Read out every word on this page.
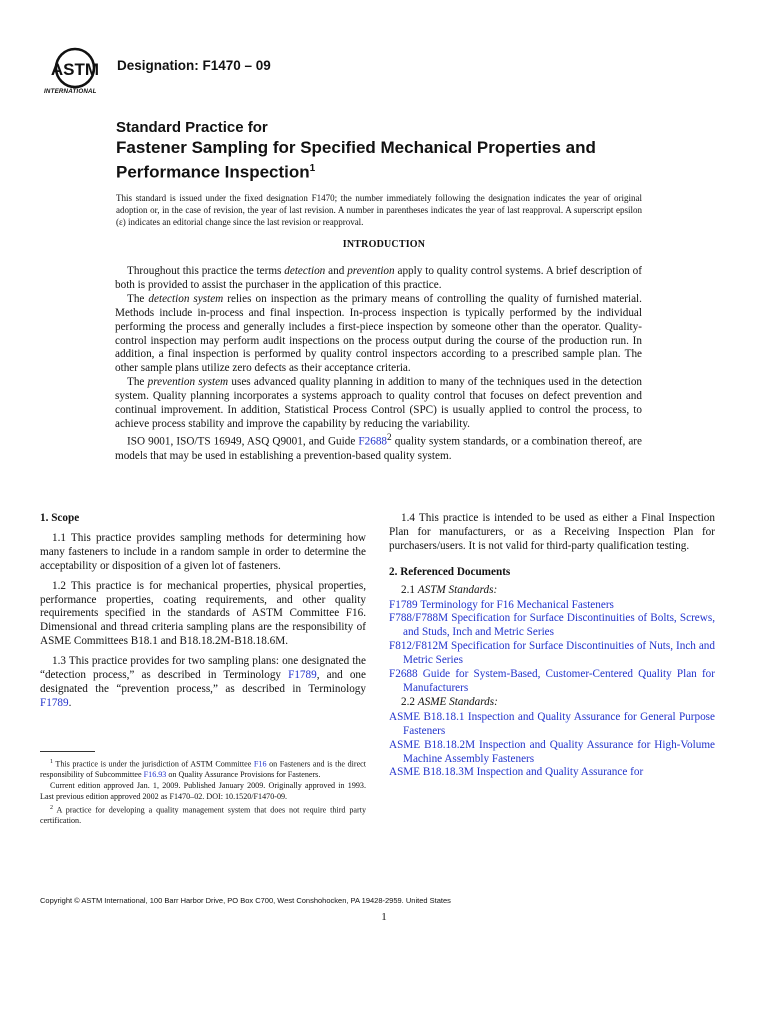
ASTM
INTERNATIONAL
Designation: F1470 – 09
Standard Practice for
Fastener Sampling for Specified Mechanical Properties and
Performance Inspection$^1$
This standard is issued under the fixed designation F1470; the number immediately following the designation indicates the year of original adoption or, in the case of revision, the year of last revision. A number in parentheses indicates the year of last reapproval. A superscript epsilon (ε) indicates an editorial change since the last revision or reapproval.
INTRODUCTION

Throughout this practice the terms detection and prevention apply to quality control systems. A brief description of both is provided to assist the purchaser in the application of this practice.

The detection system relies on inspection as the primary means of controlling the quality of furnished material. Methods include in-process and final inspection. In-process inspection is typically performed by the individual performing the process and generally includes a first-piece inspection by someone other than the operator. Quality-control inspection may perform audit inspections on the process output during the course of the production run. In addition, a final inspection is performed by quality control inspectors according to a prescribed sample plan. The other sample plans utilize zero defects as their acceptance criteria.

The prevention system uses advanced quality planning in addition to many of the techniques used in the detection system. Quality planning incorporates a systems approach to quality control that focuses on defect prevention and continual improvement. In addition, Statistical Process Control (SPC) is usually applied to control the process, to achieve process stability and improve the capability by reducing the variability.

ISO 9001, ISO/TS 16949, ASQ Q9001, and Guide F2688$^2$ quality system standards, or a combination thereof, are models that may be used in establishing a prevention-based quality system.

1. Scope

1.1 This practice provides sampling methods for determining how many fasteners to include in a random sample in order to determine the acceptability or disposition of a given lot of fasteners.

1.2 This practice is for mechanical properties, physical properties, performance properties, coating requirements, and other quality requirements specified in the standards of ASTM Committee F16. Dimensional and thread criteria sampling plans are the responsibility of ASME Committees B18.1 and B18.18.2M-B18.18.6M.

1.3 This practice provides for two sampling plans: one designated the “detection process,” as described in Terminology F1789, and one designated the “prevention process,” as described in Terminology F1789.

$^1$ This practice is under the jurisdiction of ASTM Committee F16 on Fasteners and is the direct responsibility of Subcommittee F16.93 on Quality Assurance Provisions for Fasteners.

Current edition approved Jan. 1, 2009. Published January 2009. Originally approved in 1993. Last previous edition approved 2002 as F1470–02. DOI: 10.1520/F1470-09.

$^2$ A practice for developing a quality management system that does not require third party certification.

1.4 This practice is intended to be used as either a Final Inspection Plan for manufacturers, or as a Receiving Inspection Plan for purchasers/users. It is not valid for third-party qualification testing.

2. Referenced Documents
2.1 ASTM Standards:
F1789 Terminology for F16 Mechanical Fasteners
F788/F788M Specification for Surface Discontinuities of Bolts, Screws, and Studs, Inch and Metric Series
F812/F812M Specification for Surface Discontinuities of Nuts, Inch and Metric Series
F2688 Guide for System-Based, Customer-Centered Quality Plan for Manufacturers
2.2 ASME Standards:
ASME B18.18.1 Inspection and Quality Assurance for General Purpose Fasteners
ASME B18.18.2M Inspection and Quality Assurance for High-Volume Machine Assembly Fasteners
ASME B18.18.3M Inspection and Quality Assurance for
Copyright © ASTM International, 100 Barr Harbor Drive, PO Box C700, West Conshohocken, PA 19428-2959. United States
1
